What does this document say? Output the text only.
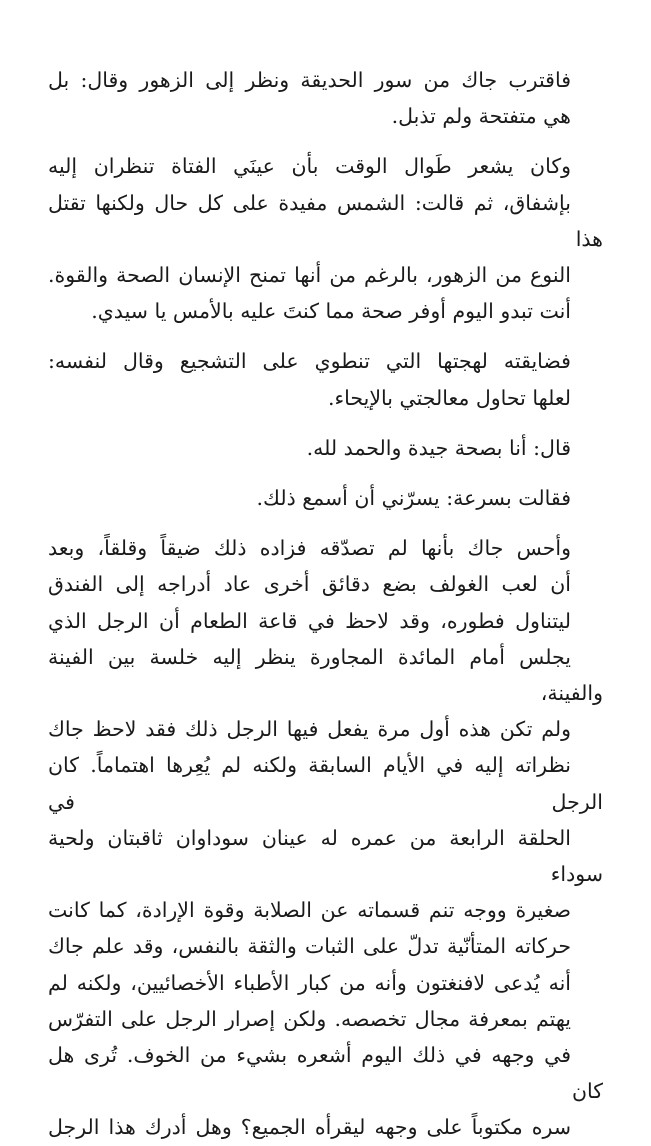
فاقترب جاك من سور الحديقة ونظر إلى الزهور وقال: بل
هي متفتحة ولم تذبل.

وكان يشعر طَوال الوقت بأن عينَي الفتاة تنظران إليه
بإشفاق، ثم قالت: الشمس مفيدة على كل حال ولكنها تقتل هذا
النوع من الزهور، بالرغم من أنها تمنح الإنسان الصحة والقوة.
أنت تبدو اليوم أوفر صحة مما كنتَ عليه بالأمس يا سيدي.

فضايقته لهجتها التي تنطوي على التشجيع وقال لنفسه:
لعلها تحاول معالجتي بالإيحاء.

قال: أنا بصحة جيدة والحمد لله.

فقالت بسرعة: يسرّني أن أسمع ذلك.

وأحس جاك بأنها لم تصدّقه فزاده ذلك ضيقاً وقلقاً، وبعد
أن لعب الغولف بضع دقائق أخرى عاد أدراجه إلى الفندق
ليتناول فطوره، وقد لاحظ في قاعة الطعام أن الرجل الذي
يجلس أمام المائدة المجاورة ينظر إليه خلسة بين الفينة والفينة،
ولم تكن هذه أول مرة يفعل فيها الرجل ذلك فقد لاحظ جاك
نظراته إليه في الأيام السابقة ولكنه لم يُعِرها اهتماماً. كان الرجل في
الحلقة الرابعة من عمره له عينان سوداوان ثاقبتان ولحية سوداء
صغيرة ووجه تنم قسماته عن الصلابة وقوة الإرادة، كما كانت
حركاته المتأنّية تدلّ على الثبات والثقة بالنفس، وقد علم جاك
أنه يُدعى لافنغتون وأنه من كبار الأطباء الأخصائيين، ولكنه لم
يهتم بمعرفة مجال تخصصه. ولكن إصرار الرجل على التفرّس
في وجهه في ذلك اليوم أشعره بشيء من الخوف. تُرى هل كان
سره مكتوباً على وجهه ليقرأه الجميع؟ وهل أدرك هذا الرجل
